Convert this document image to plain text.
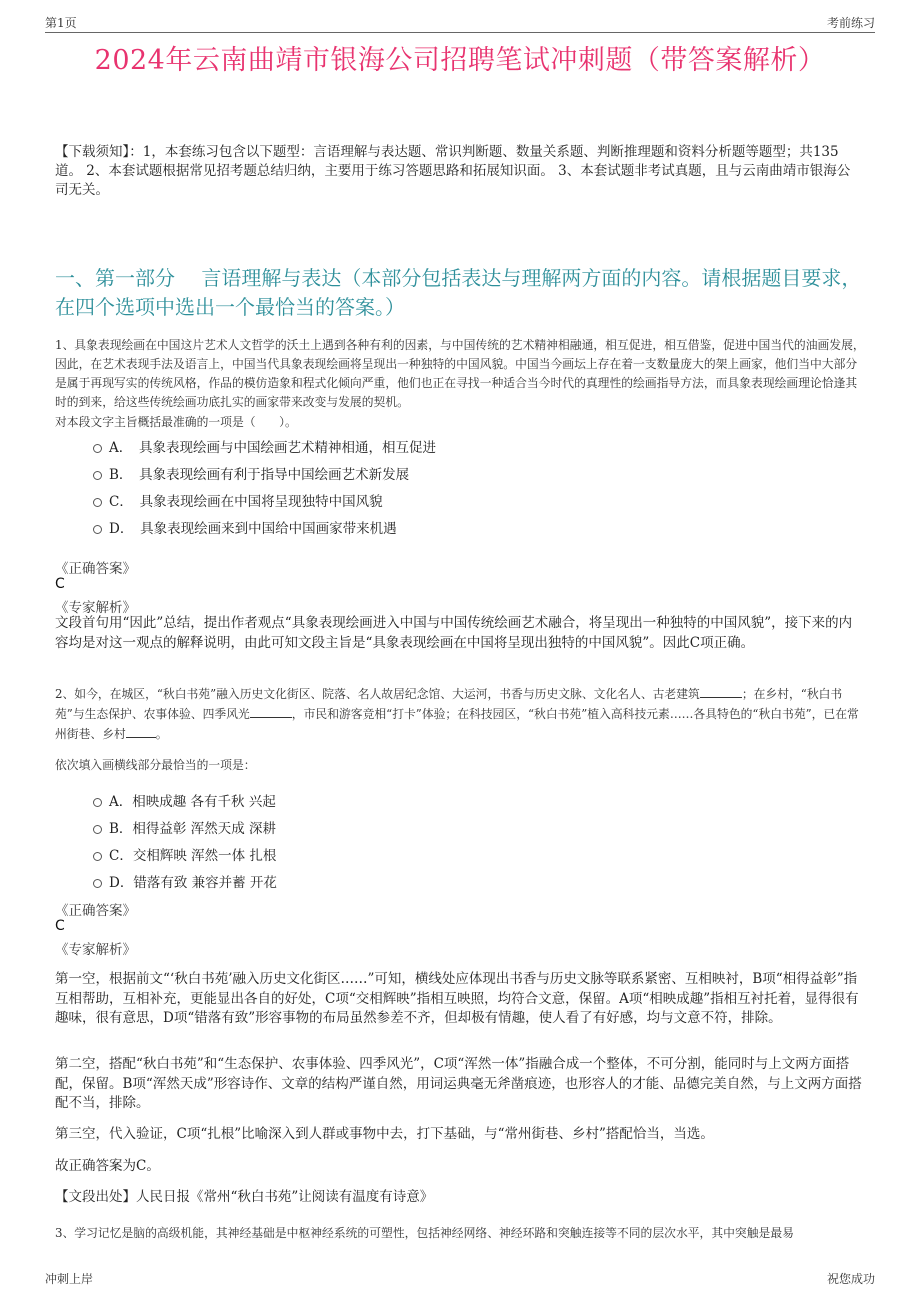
第1页	考前练习
2024年云南曲靖市银海公司招聘笔试冲刺题（带答案解析）
【下载须知】：1，本套练习包含以下题型：言语理解与表达题、常识判断题、数量关系题、判断推理题和资料分析题等题型；共135道。 2、本套试题根据常见招考题总结归纳，主要用于练习答题思路和拓展知识面。 3、本套试题非考试真题，且与云南曲靖市银海公司无关。
一、第一部分　 言语理解与表达（本部分包括表达与理解两方面的内容。请根据题目要求，在四个选项中选出一个最恰当的答案。）
1、具象表现绘画在中国这片艺术人文哲学的沃土上遇到各种有利的因素，与中国传统的艺术精神相融通，相互促进，相互借鉴，促进中国当代的油画发展，因此，在艺术表现手法及语言上，中国当代具象表现绘画将呈现出一种独特的中国风貌。中国当今画坛上存在着一支数量庞大的架上画家，他们当中大部分是属于再现写实的传统风格，作品的模仿造象和程式化倾向严重，他们也正在寻找一种适合当今时代的真理性的绘画指导方法，而具象表现绘画理论恰逢其时的到来，给这些传统绘画功底扎实的画家带来改变与发展的契机。
对本段文字主旨概括最准确的一项是（　　）。
A．　具象表现绘画与中国绘画艺术精神相通，相互促进
B．　具象表现绘画有利于指导中国绘画艺术新发展
C．　具象表现绘画在中国将呈现独特中国风貌
D．　具象表现绘画来到中国给中国画家带来机遇
《正确答案》
C
《专家解析》
文段首句用“因此”总结，提出作者观点“具象表现绘画进入中国与中国传统绘画艺术融合，将呈现出一种独特的中国风貌”，接下来的内容均是对这一观点的解释说明，由此可知文段主旨是“具象表现绘画在中国将呈现出独特的中国风貌”。因此C项正确。
2、如今，在城区，“秋白书苑”融入历史文化街区、院落、名人故居纪念馆、大运河，书香与历史文脉、文化名人、古老建筑	；在乡村，“秋白书苑”与生态保护、农事体验、四季风光	，市民和游客竞相“打卡”体验；在科技园区，“秋白书苑”植入高科技元素……各具特色的“秋白书苑”，已在常州街巷、乡村	。
依次填入画横线部分最恰当的一项是：
A．相映成趣 各有千秋 兴起
B．相得益彰 浑然天成 深耕
C．交相辉映 浑然一体 扎根
D．错落有致 兼容并蓄 开花
《正确答案》
C
《专家解析》
第一空，根据前文“‘秋白书苑’融入历史文化街区……”可知，横线处应体现出书香与历史文脉等联系紧密、互相映衬，B项“相得益彰”指互相帮助，互相补充，更能显出各自的好处，C项“交相辉映”指相互映照，均符合文意，保留。A项“相映成趣”指相互衬托着，显得很有趣味，很有意思，D项“错落有致”形容事物的布局虽然参差不齐，但却极有情趣，使人看了有好感，均与文意不符，排除。
第二空，搭配“秋白书苑”和“生态保护、农事体验、四季风光”，C项“浑然一体”指融合成一个整体，不可分割，能同时与上文两方面搭配，保留。B项“浑然天成”形容诗作、文章的结构严谨自然，用词运典毫无斧凿痕迹，也形容人的才能、品德完美自然，与上文两方面搭配不当，排除。
第三空，代入验证，C项“扎根”比喻深入到人群或事物中去，打下基础，与“常州街巷、乡村”搭配恰当，当选。
故正确答案为C。
【文段出处】人民日报《常州“秋白书苑”让阅读有温度有诗意》
3、学习记忆是脑的高级机能，其神经基础是中枢神经系统的可塑性，包括神经网络、神经环路和突触连接等不同的层次水平，其中突触是最易
冲刺上岸	祝您成功
